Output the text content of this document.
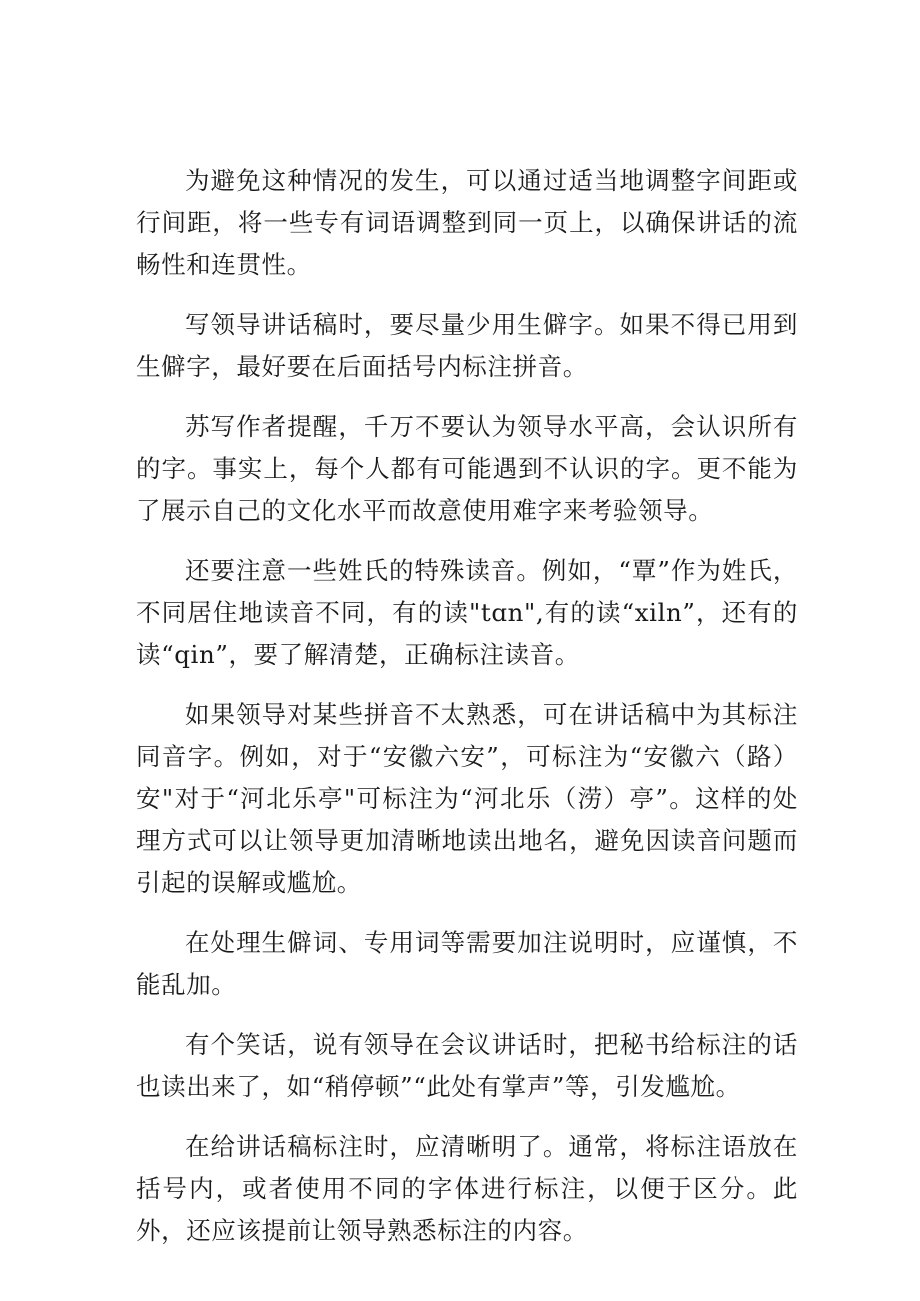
为避免这种情况的发生，可以通过适当地调整字间距或行间距，将一些专有词语调整到同一页上，以确保讲话的流畅性和连贯性。

写领导讲话稿时，要尽量少用生僻字。如果不得已用到生僻字，最好要在后面括号内标注拼音。

苏写作者提醒，千万不要认为领导水平高，会认识所有的字。事实上，每个人都有可能遇到不认识的字。更不能为了展示自己的文化水平而故意使用难字来考验领导。

还要注意一些姓氏的特殊读音。例如，“覃”作为姓氏，不同居住地读音不同，有的读"tɑn",有的读“xiln”，还有的读“qin”，要了解清楚，正确标注读音。

如果领导对某些拼音不太熟悉，可在讲话稿中为其标注同音字。例如，对于“安徽六安”，可标注为“安徽六（路）安"对于“河北乐亭"可标注为“河北乐（涝）亭”。这样的处理方式可以让领导更加清晰地读出地名，避免因读音问题而引起的误解或尴尬。

在处理生僻词、专用词等需要加注说明时，应谨慎，不能乱加。

有个笑话，说有领导在会议讲话时，把秘书给标注的话也读出来了，如“稍停顿”“此处有掌声”等，引发尴尬。

在给讲话稿标注时，应清晰明了。通常，将标注语放在括号内，或者使用不同的字体进行标注，以便于区分。此外，还应该提前让领导熟悉标注的内容。
